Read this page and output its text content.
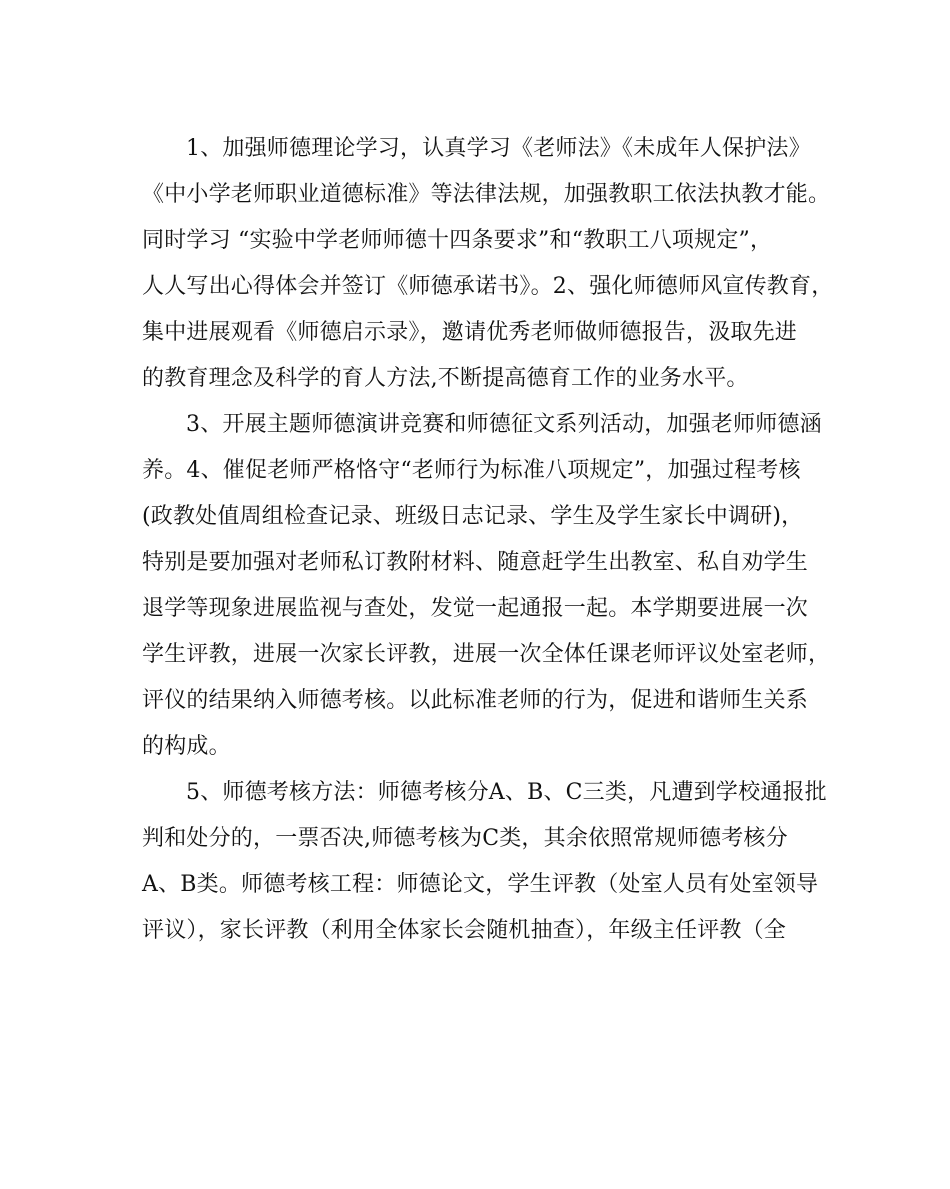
1、加强师德理论学习，认真学习《老师法》《未成年人保护法》
《中小学老师职业道德标准》等法律法规，加强教职工依法执教才能。
同时学习 “实验中学老师师德十四条要求”和“教职工八项规定”，
人人写出心得体会并签订《师德承诺书》。2、强化师德师风宣传教育，
集中进展观看《师德启示录》，邀请优秀老师做师德报告，汲取先进
的教育理念及科学的育人方法,不断提高德育工作的业务水平。
3、开展主题师德演讲竞赛和师德征文系列活动，加强老师师德涵
养。4、催促老师严格恪守“老师行为标准八项规定”，加强过程考核
(政教处值周组检查记录、班级日志记录、学生及学生家长中调研)，
特别是要加强对老师私订教附材料、随意赶学生出教室、私自劝学生
退学等现象进展监视与查处，发觉一起通报一起。本学期要进展一次
学生评教，进展一次家长评教，进展一次全体任课老师评议处室老师，
评仪的结果纳入师德考核。以此标准老师的行为，促进和谐师生关系
的构成。
5、师德考核方法：师德考核分A、B、C三类，凡遭到学校通报批
判和处分的，一票否决,师德考核为C类，其余依照常规师德考核分
A、B类。师德考核工程：师德论文，学生评教（处室人员有处室领导
评议），家长评教（利用全体家长会随机抽查），年级主任评教（全
